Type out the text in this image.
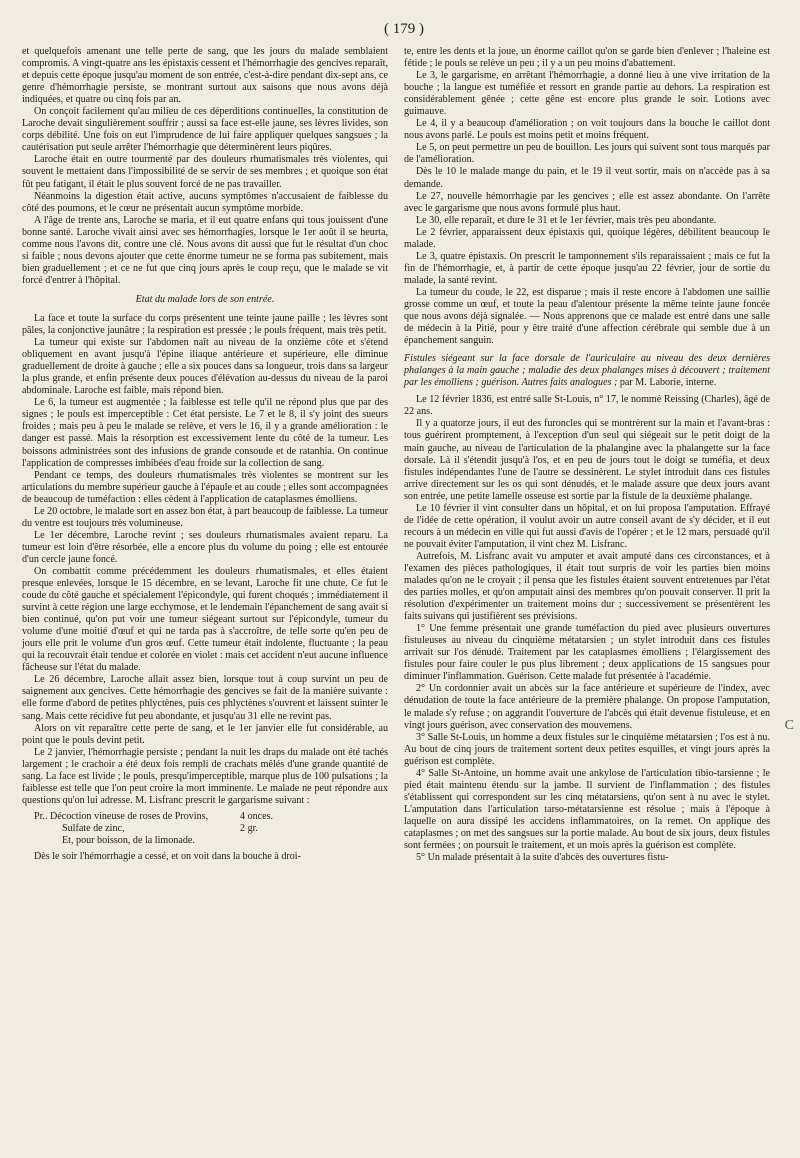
( 179 )

et quelquefois amenant une telle perte de sang, que les jours du malade semblaient compromis. A vingt-quatre ans les épistaxis cessent et l'hémorrhagie des gencives reparaît, et depuis cette époque jusqu'au moment de son entrée, c'est-à-dire pendant dix-sept ans, ce genre d'hémorrhagie persiste, se montrant surtout aux saisons que nous avons déjà indiquées, et quatre ou cinq fois par an.

On conçoit facilement qu'au milieu de ces déperditions continuelles, la constitution de Laroche devait singulièrement souffrir ; aussi sa face est-elle jaune, ses lèvres livides, son corps débilité. Une fois on eut l'imprudence de lui faire appliquer quelques sangsues ; la cautérisation put seule arrêter l'hémorrhagie que déterminèrent leurs piqûres.

Laroche était en outre tourmenté par des douleurs rhumatismales très violentes, qui souvent le mettaient dans l'impossibilité de se servir de ses membres ; et quoique son état fût peu fatigant, il était le plus souvent forcé de ne pas travailler.

Néanmoins la digestion était active, aucuns symptômes n'accusaient de faiblesse du côté des poumons, et le cœur ne présentait aucun symptôme morbide.

A l'âge de trente ans, Laroche se maria, et il eut quatre enfans qui tous jouissent d'une bonne santé. Laroche vivait ainsi avec ses hémorrhagies, lorsque le 1er août il se heurta, comme nous l'avons dit, contre une clé. Nous avons dit aussi que fut le résultat d'un choc si faible ; nous devons ajouter que cette énorme tumeur ne se forma pas subitement, mais bien graduellement ; et ce ne fut que cinq jours après le coup reçu, que le malade se vit forcé d'entrer à l'hôpital.

Etat du malade lors de son entrée.

La face et toute la surface du corps présentent une teinte jaune paille ; les lèvres sont pâles, la conjonctive jaunâtre ; la respiration est pressée ; le pouls fréquent, mais très petit.

La tumeur qui existe sur l'abdomen naît au niveau de la onzième côte et s'étend obliquement en avant jusqu'à l'épine iliaque antérieure et supérieure, elle diminue graduellement de droite à gauche ; elle a six pouces dans sa longueur, trois dans sa largeur la plus grande, et enfin présente deux pouces d'élévation au-dessus du niveau de la paroi abdominale. Laroche est faible, mais répond bien.

Le 6, la tumeur est augmentée ; la faiblesse est telle qu'il ne répond plus que par des signes ; le pouls est imperceptible : Cet état persiste. Le 7 et le 8, il s'y joint des sueurs froides ; mais peu à peu le malade se relève, et vers le 16, il y a grande amélioration : le danger est passé. Mais la résorption est excessivement lente du côté de la tumeur. Les boissons administrées sont des infusions de grande consoude et de ratanhia. On continue l'application de compresses imbibées d'eau froide sur la collection de sang.

Pendant ce temps, des douleurs rhumatismales très violentes se montrent sur les articulations du membre supérieur gauche à l'épaule et au coude ; elles sont accompagnées de beaucoup de tuméfaction : elles cèdent à l'application de cataplasmes émolliens.

Le 20 octobre, le malade sort en assez bon état, à part beaucoup de faiblesse. La tumeur du ventre est toujours très volumineuse.

Le 1er décembre, Laroche revint ; ses douleurs rhumatismales avaient reparu. La tumeur est loin d'être résorbée, elle a encore plus du volume du poing ; elle est entourée d'un cercle jaune foncé.

On combattit comme précédemment les douleurs rhumatismales, et elles étaient presque enlevées, lorsque le 15 décembre, en se levant, Laroche fit une chute. Ce fut le coude du côté gauche et spécialement l'épicondyle, qui furent choqués ; immédiatement il survint à cette région une large ecchymose, et le lendemain l'épanchement de sang avait si bien continué, qu'on put voir une tumeur siégeant surtout sur l'épicondyle, tumeur du volume d'une moitié d'œuf et qui ne tarda pas à s'accroître, de telle sorte qu'en peu de jours elle prit le volume d'un gros œuf. Cette tumeur était indolente, fluctuante ; la peau qui la recouvrait était tendue et colorée en violet : mais cet accident n'eut aucune influence fâcheuse sur l'état du malade.

Le 26 décembre, Laroche allait assez bien, lorsque tout à coup survint un peu de saignement aux gencives. Cette hémorrhagie des gencives se fait de la manière suivante : elle forme d'abord de petites phlyctènes, puis ces phlyctènes s'ouvrent et laissent suinter le sang. Mais cette récidive fut peu abondante, et jusqu'au 31 elle ne revint pas.

Alors on vit reparaître cette perte de sang, et le 1er janvier elle fut considérable, au point que le pouls devint petit.

Le 2 janvier, l'hémorrhagie persiste ; pendant la nuit les draps du malade ont été tachés largement ; le crachoir a été deux fois rempli de crachats mêlés d'une grande quantité de sang. La face est livide ; le pouls, presqu'imperceptible, marque plus de 100 pulsations ; la faiblesse est telle que l'on peut croire la mort imminente. Le malade ne peut répondre aux questions qu'on lui adresse. M. Lisfranc prescrit le gargarisme suivant :

Pr.. Décoction vineuse de roses de Provins,	4 onces.
Sulfate de zinc,	2 gr.
Et, pour boisson, de la limonade.

Dès le soir l'hémorrhagie a cessé, et on voit dans la bouche à droi-

te, entre les dents et la joue, un énorme caillot qu'on se garde bien d'enlever ; l'haleine est fétide ; le pouls se relève un peu ; il y a un peu moins d'abattement.

Le 3, le gargarisme, en arrêtant l'hémorrhagie, a donné lieu à une vive irritation de la bouche ; la langue est tuméfiée et ressort en grande partie au dehors. La respiration est considérablement gênée ; cette gêne est encore plus grande le soir. Lotions avec guimauve.

Le 4, il y a beaucoup d'amélioration ; on voit toujours dans la bouche le caillot dont nous avons parlé. Le pouls est moins petit et moins fréquent.

Le 5, on peut permettre un peu de bouillon. Les jours qui suivent sont tous marqués par de l'amélioration.

Dès le 10 le malade mange du pain, et le 19 il veut sortir, mais on n'accède pas à sa demande.

Le 27, nouvelle hémorrhagie par les gencives ; elle est assez abondante. On l'arrête avec le gargarisme que nous avons formulé plus haut.

Le 30, elle reparaît, et dure le 31 et le 1er février, mais très peu abondante.

Le 2 février, apparaissent deux épistaxis qui, quoique légères, débilitent beaucoup le malade.

Le 3, quatre épistaxis. On prescrit le tamponnement s'ils reparaissaient ; mais ce fut la fin de l'hémorrhagie, et, à partir de cette époque jusqu'au 22 février, jour de sortie du malade, la santé revint.

La tumeur du coude, le 22, est disparue ; mais il reste encore à l'abdomen une saillie grosse comme un œuf, et toute la peau d'alentour présente la même teinte jaune foncée que nous avons déjà signalée. — Nous apprenons que ce malade est entré dans une salle de médecin à la Pitié, pour y être traité d'une affection cérébrale qui semble due à un épanchement sanguin.

Fistules siégeant sur la face dorsale de l'auriculaire au niveau des deux dernières phalanges à la main gauche ; maladie des deux phalanges mises à découvert ; traitement par les émolliens ; guérison. Autres faits analogues ; par M. Laborie, interne.

Le 12 février 1836, est entré salle St-Louis, n° 17, le nommé Reissing (Charles), âgé de 22 ans.

Il y a quatorze jours, il eut des furoncles qui se montrèrent sur la main et l'avant-bras : tous guérirent promptement, à l'exception d'un seul qui siégeait sur le petit doigt de la main gauche, au niveau de l'articulation de la phalangine avec la phalangette sur la face dorsale. Là il s'étendit jusqu'à l'os, et en peu de jours tout le doigt se tuméfia, et deux fistules indépendantes l'une de l'autre se dessinèrent. Le stylet introduit dans ces fistules arrive directement sur les os qui sont dénudés, et le malade assure que deux jours avant son entrée, une petite lamelle osseuse est sortie par la fistule de la deuxième phalange.

Le 10 février il vint consulter dans un hôpital, et on lui proposa l'amputation. Effrayé de l'idée de cette opération, il voulut avoir un autre conseil avant de s'y décider, et il eut recours à un médecin en ville qui fut aussi d'avis de l'opérer ; et le 12 mars, persuadé qu'il ne pouvait éviter l'amputation, il vint chez M. Lisfranc.

Autrefois, M. Lisfranc avait vu amputer et avait amputé dans ces circonstances, et à l'examen des pièces pathologiques, il était tout surpris de voir les parties bien moins malades qu'on ne le croyait ; il pensa que les fistules étaient souvent entretenues par l'état des parties molles, et qu'on amputait ainsi des membres qu'on pouvait conserver. Il prit la résolution d'expérimenter un traitement moins dur ; successivement se présentèrent les faits suivans qui justifièrent ses prévisions.

1° Une femme présentait une grande tuméfaction du pied avec plusieurs ouvertures fistuleuses au niveau du cinquième métatarsien ; un stylet introduit dans ces fistules arrivait sur l'os dénudé. Traitement par les cataplasmes émolliens ; l'élargissement des fistules pour faire couler le pus plus librement ; deux applications de 15 sangsues pour diminuer l'inflammation. Guérison. Cette malade fut présentée à l'académie.

2° Un cordonnier avait un abcès sur la face antérieure et supérieure de l'index, avec dénudation de toute la face antérieure de la première phalange. On propose l'amputation, le malade s'y refuse ; on aggrandit l'ouverture de l'abcès qui était devenue fistuleuse, et en vingt jours guérison, avec conservation des mouvemens.

3° Salle St-Louis, un homme a deux fistules sur le cinquième métatarsien ; l'os est à nu. Au bout de cinq jours de traitement sortent deux petites esquilles, et vingt jours après la guérison est complète.

4° Salle St-Antoine, un homme avait une ankylose de l'articulation tibio-tarsienne ; le pied était maintenu étendu sur la jambe. Il survient de l'inflammation ; des fistules s'établissent qui correspondent sur les cinq métatarsiens, qu'on sent à nu avec le stylet. L'amputation dans l'articulation tarso-métatarsienne est résolue ; mais à l'époque à laquelle on aura dissipé les accidens inflammatoires, on la remet. On applique des cataplasmes ; on met des sangsues sur la portie malade. Au bout de six jours, deux fistules sont fermées ; on poursuit le traitement, et un mois après la guérison est complète.

5° Un malade présentait à la suite d'abcès des ouvertures fistu-

C
